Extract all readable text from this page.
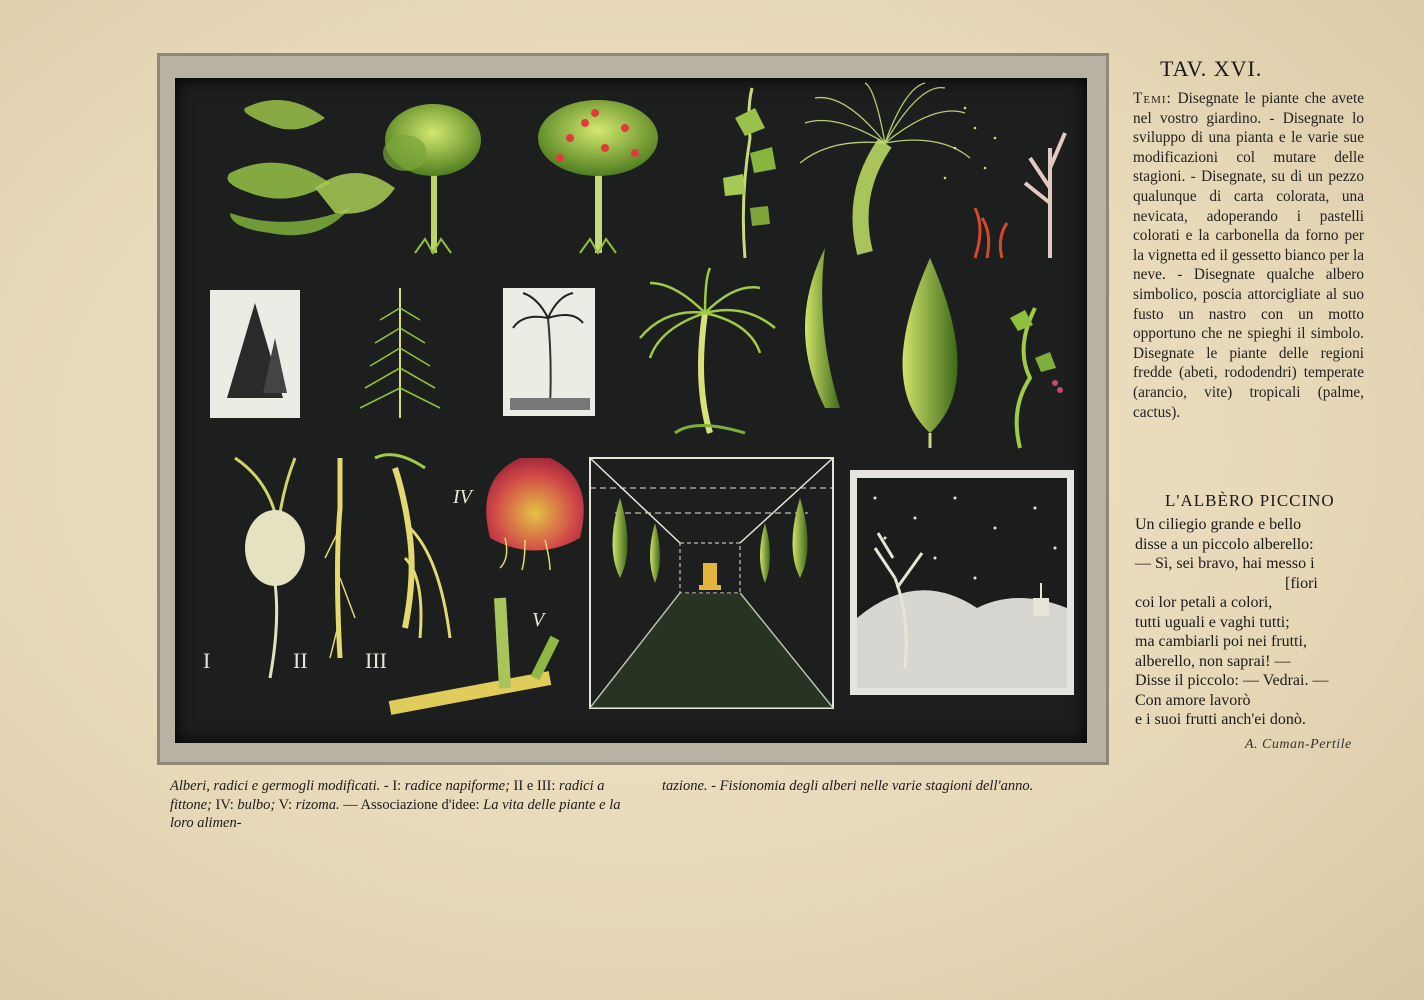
I	II	III
IV
V
TAV. XVI.
Temi: Disegnate le piante che avete nel vostro giardino. - Disegnate lo sviluppo di una pianta e le varie sue modificazioni col mutare delle stagioni. - Disegnate, su di un pezzo qualunque di carta colorata, una nevicata, adoperando i pastelli colorati e la carbonella da forno per la vignetta ed il gessetto bianco per la neve. - Disegnate qualche albero simbolico, poscia attorcigliate al suo fusto un nastro con un motto opportuno che ne spieghi il simbolo. Disegnate le piante delle regioni fredde (abeti, rododendri) temperate (arancio, vite) tropicali (palme, cactus).
L'ALBÈRO PICCINO
Un ciliegio grande e bello
disse a un piccolo alberello:
— Sì, sei bravo, hai messo i
[fiori
coi lor petali a colori,
tutti uguali e vaghi tutti;
ma cambiarli poi nei frutti,
alberello, non saprai! —
Disse il piccolo: — Vedrai. —
Con amore lavorò
e i suoi frutti anch'ei donò.
A. Cuman-Pertile
Alberi, radici e germogli modificati. - I: radice napiforme; II e III: radici a fittone; IV: bulbo; V: rizoma. — Associazione d'idee: La vita delle piante e la loro alimen-
tazione. - Fisionomia degli alberi nelle varie stagioni dell'anno.
